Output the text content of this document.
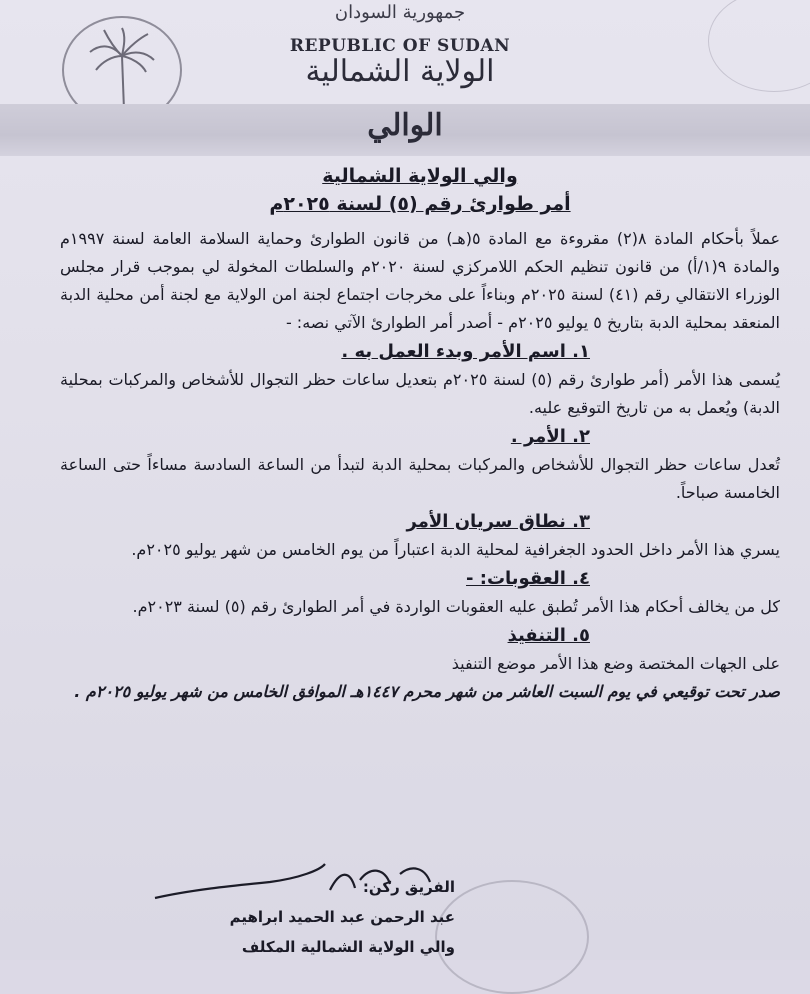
جمهورية السودان
REPUBLIC OF SUDAN
الولاية الشمالية
الوالي
والي الولاية الشمالية
أمر طوارئ رقم (٥) لسنة ٢٠٢٥م

عملاً بأحكام المادة ٨(٢) مقروءة مع المادة ٥(هـ) من قانون الطوارئ وحماية السلامة العامة لسنة ١٩٩٧م والمادة ٩(١/أ) من قانون تنظيم الحكم اللامركزي لسنة ٢٠٢٠م والسلطات المخولة لي بموجب قرار مجلس الوزراء الانتقالي رقم (٤١) لسنة ٢٠٢٥م وبناءاً على مخرجات اجتماع لجنة امن الولاية مع لجنة أمن محلية الدبة المنعقد بمحلية الدبة بتاريخ ٥ يوليو ٢٠٢٥م - أصدر أمر الطوارئ الآتي نصه: -

١. اسم الأمر وبدء العمل به .

يُسمى هذا الأمر (أمر طوارئ رقم (٥) لسنة ٢٠٢٥م بتعديل ساعات حظر التجوال للأشخاص والمركبات بمحلية الدبة) ويُعمل به من تاريخ التوقيع عليه.

٢. الأمر .

تُعدل ساعات حظر التجوال للأشخاص والمركبات بمحلية الدبة لتبدأ من الساعة السادسة مساءاً حتى الساعة الخامسة صباحاً.

٣. نطاق سريان الأمر

يسري هذا الأمر داخل الحدود الجغرافية لمحلية الدبة اعتباراً من يوم الخامس من شهر يوليو ٢٠٢٥م.

٤. العقوبات: -

كل من يخالف أحكام هذا الأمر تُطبق عليه العقوبات الواردة في أمر الطوارئ رقم (٥) لسنة ٢٠٢٣م.

٥. التنفيذ

على الجهات المختصة وضع هذا الأمر موضع التنفيذ

صدر تحت توقيعي في يوم السبت العاشر من شهر محرم ١٤٤٧هـ الموافق الخامس من شهر يوليو ٢٠٢٥م .

الفريق ركن:
عبد الرحمن عبد الحميد ابراهيم
والي الولاية الشمالية المكلف
